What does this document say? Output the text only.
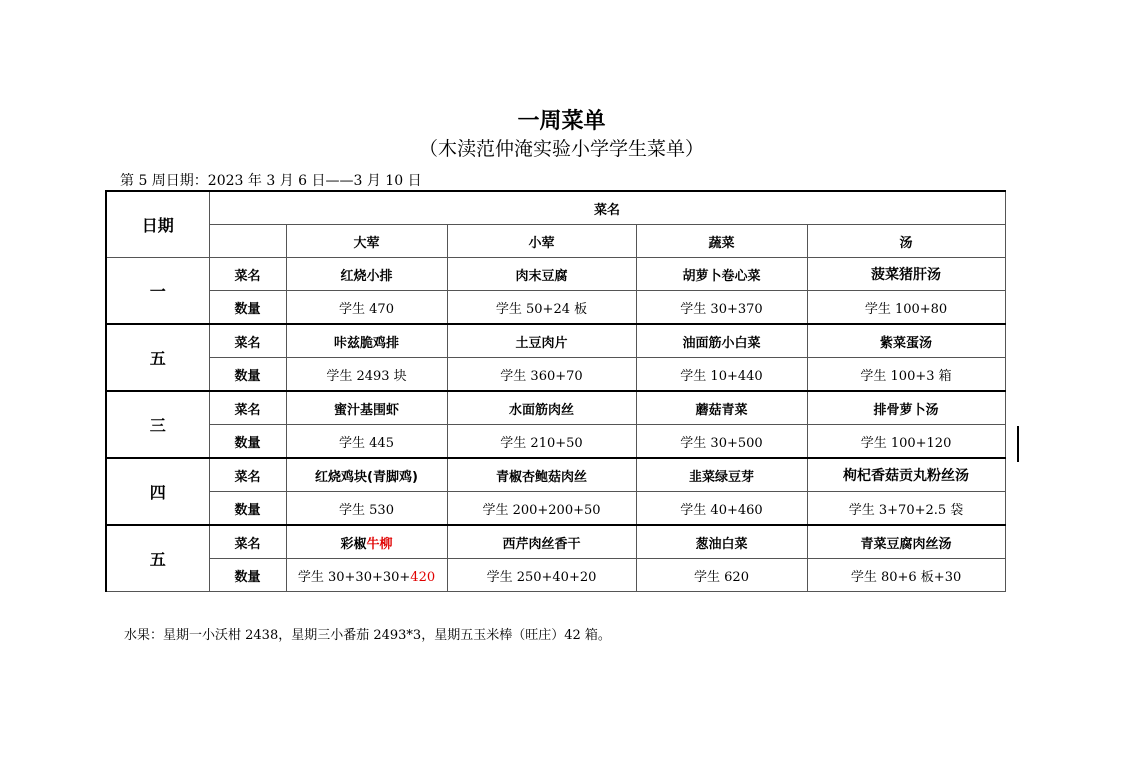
一周菜单
（木渎范仲淹实验小学学生菜单）
第 5 周日期：2023 年 3 月 6 日——3 月 10 日
日期	菜名				
		大荤	小荤	蔬菜	汤
一	菜名	红烧小排	肉末豆腐	胡萝卜卷心菜	菠菜猪肝汤
	数量	学生 470	学生 50+24 板	学生 30+370	学生 100+80
五	菜名	咔兹脆鸡排	土豆肉片	油面筋小白菜	紫菜蛋汤
	数量	学生 2493 块	学生 360+70	学生 10+440	学生 100+3 箱
三	菜名	蜜汁基围虾	水面筋肉丝	蘑菇青菜	排骨萝卜汤
	数量	学生 445	学生 210+50	学生 30+500	学生 100+120
四	菜名	红烧鸡块(青脚鸡)	青椒杏鲍菇肉丝	韭菜绿豆芽	枸杞香菇贡丸粉丝汤
	数量	学生 530	学生 200+200+50	学生 40+460	学生 3+70+2.5 袋
五	菜名	彩椒牛柳	西芹肉丝香干	葱油白菜	青菜豆腐肉丝汤
	数量	学生 30+30+30+420	学生 250+40+20	学生 620	学生 80+6 板+30
水果：星期一小沃柑 2438，星期三小番茄 2493*3，星期五玉米棒（旺庄）42 箱。
